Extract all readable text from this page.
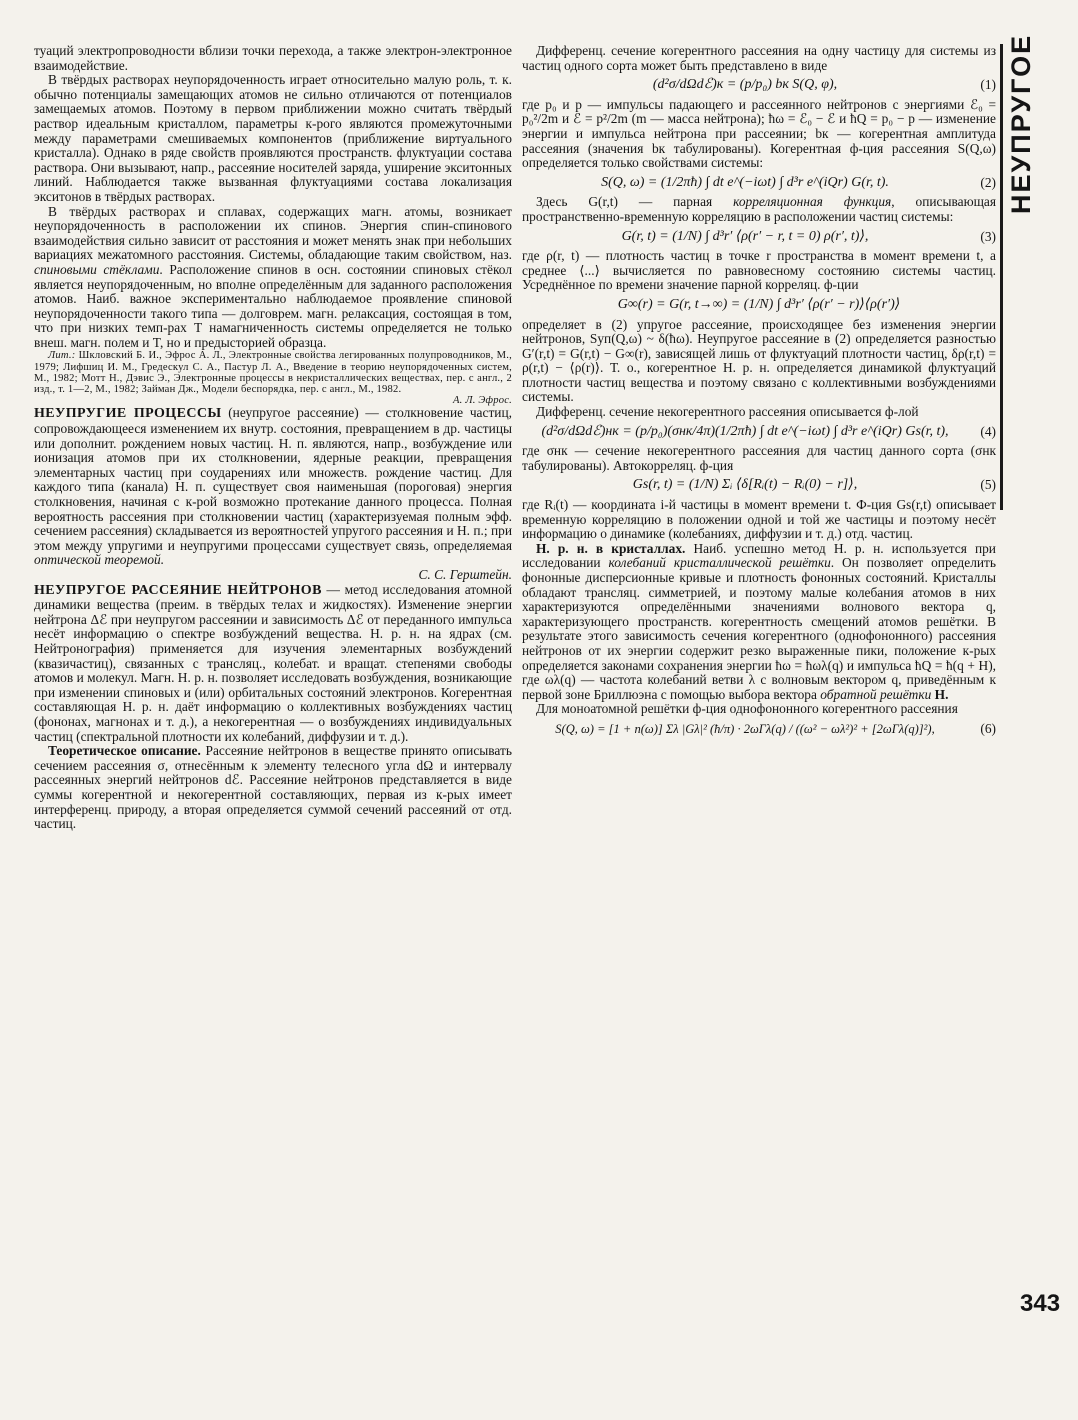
туаций электропроводности вблизи точки перехода, а также электрон-электронное взаимодействие.

В твёрдых растворах неупорядоченность играет относительно малую роль, т. к. обычно потенциалы замещающих атомов не сильно отличаются от потенциалов замещаемых атомов. Поэтому в первом приближении можно считать твёрдый раствор идеальным кристаллом, параметры к-рого являются промежуточными между параметрами смешиваемых компонентов (приближение виртуального кристалла). Однако в ряде свойств проявляются пространств. флуктуации состава раствора. Они вызывают, напр., рассеяние носителей заряда, уширение экситонных линий. Наблюдается также вызванная флуктуациями состава локализация экситонов в твёрдых растворах.

В твёрдых растворах и сплавах, содержащих магн. атомы, возникает неупорядоченность в расположении их спинов. Энергия спин-спинового взаимодействия сильно зависит от расстояния и может менять знак при небольших вариациях межатомного расстояния. Системы, обладающие таким свойством, наз. спиновыми стёклами. Расположение спинов в осн. состоянии спиновых стёкол является неупорядоченным, но вполне определённым для заданного расположения атомов. Наиб. важное экспериментально наблюдаемое проявление спиновой неупорядоченности такого типа — долговрем. магн. релаксация, состоящая в том, что при низких темп-рах T намагниченность системы определяется не только внеш. магн. полем и T, но и предысторией образца.

Лит.: Шкловский Б. И., Эфрос А. Л., Электронные свойства легированных полупроводников, М., 1979; Лифшиц И. М., Гредескул С. А., Пастур Л. А., Введение в теорию неупорядоченных систем, М., 1982; Мотт Н., Дэвис Э., Электронные процессы в некристаллических веществах, пер. с англ., 2 изд., т. 1—2, М., 1982; Займан Дж., Модели беспорядка, пер. с англ., М., 1982.
А. Л. Эфрос.

НЕУПРУГИЕ ПРОЦЕССЫ (неупругое рассеяние) — столкновение частиц, сопровождающееся изменением их внутр. состояния, превращением в др. частицы или дополнит. рождением новых частиц. Н. п. являются, напр., возбуждение или ионизация атомов при их столкновении, ядерные реакции, превращения элементарных частиц при соударениях или множеств. рождение частиц. Для каждого типа (канала) Н. п. существует своя наименьшая (пороговая) энергия столкновения, начиная с к-рой возможно протекание данного процесса. Полная вероятность рассеяния при столкновении частиц (характеризуемая полным эфф. сечением рассеяния) складывается из вероятностей упругого рассеяния и Н. п.; при этом между упругими и неупругими процессами существует связь, определяемая оптической теоремой.
С. С. Герштейн.

НЕУПРУГОЕ РАССЕЯНИЕ НЕЙТРОНОВ — метод исследования атомной динамики вещества (преим. в твёрдых телах и жидкостях). Изменение энергии нейтрона Δℰ при неупругом рассеянии и зависимость Δℰ от переданного импульса несёт информацию о спектре возбуждений вещества. Н. р. н. на ядрах (см. Нейтронография) применяется для изучения элементарных возбуждений (квазичастиц), связанных с трансляц., колебат. и вращат. степенями свободы атомов и молекул. Магн. Н. р. н. позволяет исследовать возбуждения, возникающие при изменении спиновых и (или) орбитальных состояний электронов. Когерентная составляющая Н. р. н. даёт информацию о коллективных возбуждениях частиц (фононах, магнонах и т. д.), а некогерентная — о возбуждениях индивидуальных частиц (спектральной плотности их колебаний, диффузии и т. д.).

Теоретическое описание. Рассеяние нейтронов в веществе принято описывать сечением рассеяния σ, отнесённым к элементу телесного угла dΩ и интервалу рассеянных энергий нейтронов dℰ. Рассеяние нейтронов представляется в виде суммы когерентной и некогерентной составляющих, первая из к-рых имеет интерференц. природу, а вторая определяется суммой сечений рассеяний от отд. частиц.

Дифференц. сечение когерентного рассеяния на одну частицу для системы из частиц одного сорта может быть представлено в виде

(d²σ/dΩdℰ)к = (p/p₀) bк S(Q, φ),	(1)

где p₀ и p — импульсы падающего и рассеянного нейтронов с энергиями ℰ₀ = p₀²/2m и ℰ = p²/2m (m — масса нейтрона); ħω = ℰ₀ − ℰ и ħQ = p₀ − p — изменение энергии и импульса нейтрона при рассеянии; bк — когерентная амплитуда рассеяния (значения bк табулированы). Когерентная ф-ция рассеяния S(Q,ω) определяется только свойствами системы:

S(Q, ω) = (1/2πħ) ∫ dt e^(−iωt) ∫ d³r e^(iQr) G(r, t).	(2)

Здесь G(r,t) — парная корреляционная функция, описывающая пространственно-временную корреляцию в расположении частиц системы:

G(r, t) = (1/N) ∫ d³r′ ⟨ρ(r′ − r, t = 0) ρ(r′, t)⟩,	(3)

где ρ(r, t) — плотность частиц в точке r пространства в момент времени t, а среднее ⟨...⟩ вычисляется по равновесному состоянию системы частиц. Усреднённое по времени значение парной корреляц. ф-ции

G∞(r) = G(r, t→∞) = (1/N) ∫ d³r′ ⟨ρ(r′ − r)⟩⟨ρ(r′)⟩

определяет в (2) упругое рассеяние, происходящее без изменения энергии нейтронов, Sуп(Q,ω) ~ δ(ħω). Неупругое рассеяние в (2) определяется разностью G′(r,t) = G(r,t) − G∞(r), зависящей лишь от флуктуаций плотности частиц, δρ(r,t) = ρ(r,t) − ⟨ρ(r)⟩. Т. о., когерентное Н. р. н. определяется динамикой флуктуаций плотности частиц вещества и поэтому связано с коллективными возбуждениями системы.

Дифференц. сечение некогерентного рассеяния описывается ф-лой

(d²σ/dΩdℰ)нк = (p/p₀)(σнк/4π)(1/2πħ) ∫ dt e^(−iωt) ∫ d³r e^(iQr) Gs(r, t),	(4)

где σнк — сечение некогерентного рассеяния для частиц данного сорта (σнк табулированы). Автокорреляц. ф-ция

Gs(r, t) = (1/N) Σᵢ ⟨δ[Rᵢ(t) − Rᵢ(0) − r]⟩,	(5)

где Rᵢ(t) — координата i-й частицы в момент времени t. Ф-ция Gs(r,t) описывает временную корреляцию в положении одной и той же частицы и поэтому несёт информацию о динамике (колебаниях, диффузии и т. д.) отд. частиц.

Н. р. н. в кристаллах. Наиб. успешно метод Н. р. н. используется при исследовании колебаний кристаллической решётки. Он позволяет определить фононные дисперсионные кривые и плотность фононных состояний. Кристаллы обладают трансляц. симметрией, и поэтому малые колебания атомов в них характеризуются определёнными значениями волнового вектора q, характеризующего пространств. когерентность смещений атомов решётки. В результате этого зависимость сечения когерентного (однофононного) рассеяния нейтронов от их энергии содержит резко выраженные пики, положение к-рых определяется законами сохранения энергии ħω = ħωλ(q) и импульса ħQ = ħ(q + H), где ωλ(q) — частота колебаний ветви λ с волновым вектором q, приведённым к первой зоне Бриллюэна с помощью выбора вектора обратной решётки H.

Для моноатомной решётки ф-ция однофононного когерентного рассеяния

S(Q, ω) = [1 + n(ω)] Σλ |Gλ|² (ħ/π) · 2ωΓλ(q) / ((ω² − ωλ²)² + [2ωΓλ(q)]²),	(6)
НЕУПРУГОЕ
343
